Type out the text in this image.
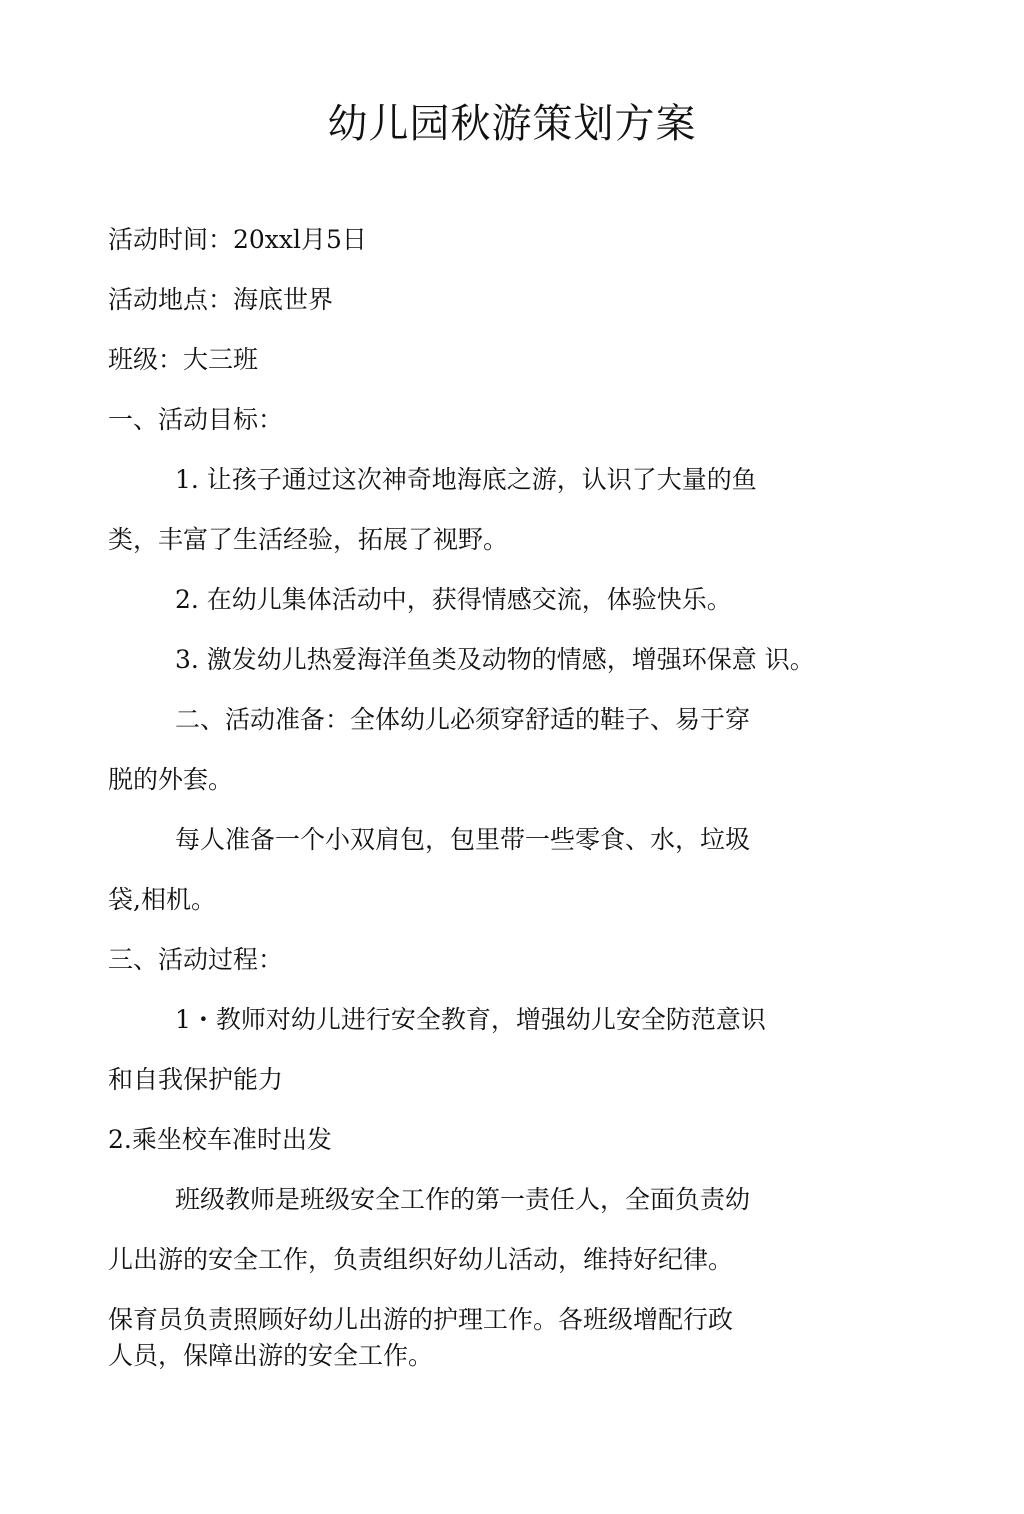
幼儿园秋游策划方案
活动时间：20xxl月5日
活动地点：海底世界
班级：大三班
一、活动目标：
1. 让孩子通过这次神奇地海底之游，认识了大量的鱼
类，丰富了生活经验，拓展了视野。
2. 在幼儿集体活动中，获得情感交流，体验快乐。
3. 激发幼儿热爱海洋鱼类及动物的情感，增强环保意 识。
二、活动准备：全体幼儿必须穿舒适的鞋子、易于穿
脱的外套。
每人准备一个小双肩包，包里带一些零食、水，垃圾
袋,相机。
三、活动过程：
1・教师对幼儿进行安全教育，增强幼儿安全防范意识
和自我保护能力
2.乘坐校车准时出发
班级教师是班级安全工作的第一责任人，全面负责幼
儿出游的安全工作，负责组织好幼儿活动，维持好纪律。
保育员负责照顾好幼儿出游的护理工作。各班级增配行政
人员，保障出游的安全工作。
